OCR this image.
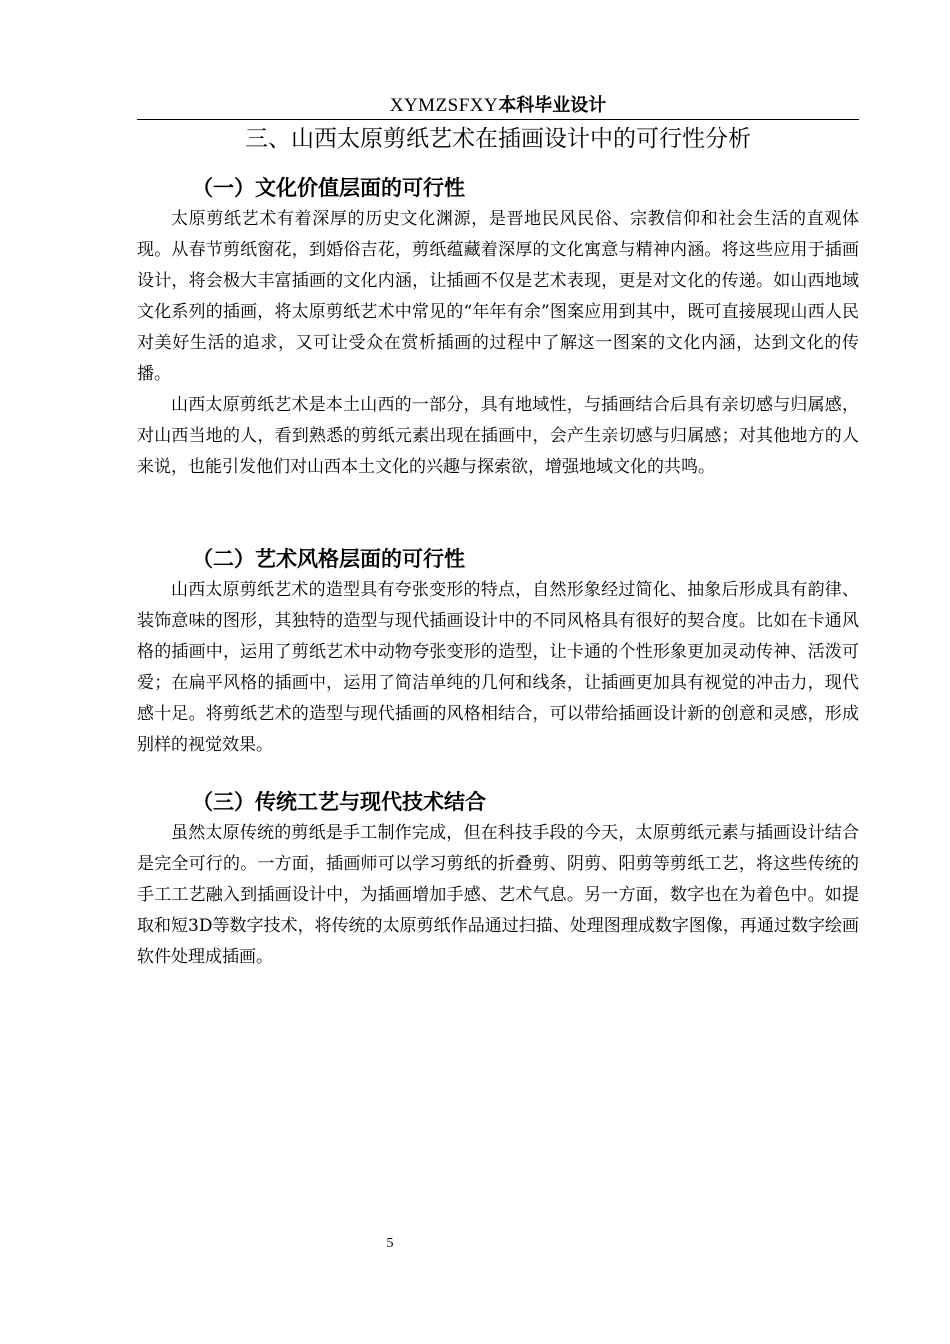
XYMZSFXY本科毕业设计
三、山西太原剪纸艺术在插画设计中的可行性分析
（一）文化价值层面的可行性

太原剪纸艺术有着深厚的历史文化渊源，是晋地民风民俗、宗教信仰和社会生活的直观体现。从春节剪纸窗花，到婚俗吉花，剪纸蕴藏着深厚的文化寓意与精神内涵。将这些应用于插画设计，将会极大丰富插画的文化内涵，让插画不仅是艺术表现，更是对文化的传递。如山西地域文化系列的插画，将太原剪纸艺术中常见的“年年有余”图案应用到其中，既可直接展现山西人民对美好生活的追求，又可让受众在赏析插画的过程中了解这一图案的文化内涵，达到文化的传播。

山西太原剪纸艺术是本土山西的一部分，具有地域性，与插画结合后具有亲切感与归属感，对山西当地的人，看到熟悉的剪纸元素出现在插画中，会产生亲切感与归属感；对其他地方的人来说，也能引发他们对山西本土文化的兴趣与探索欲，增强地域文化的共鸣。

（二）艺术风格层面的可行性

山西太原剪纸艺术的造型具有夸张变形的特点，自然形象经过简化、抽象后形成具有韵律、装饰意味的图形，其独特的造型与现代插画设计中的不同风格具有很好的契合度。比如在卡通风格的插画中，运用了剪纸艺术中动物夸张变形的造型，让卡通的个性形象更加灵动传神、活泼可爱；在扁平风格的插画中，运用了简洁单纯的几何和线条，让插画更加具有视觉的冲击力，现代感十足。将剪纸艺术的造型与现代插画的风格相结合，可以带给插画设计新的创意和灵感，形成别样的视觉效果。

（三）传统工艺与现代技术结合

虽然太原传统的剪纸是手工制作完成，但在科技手段的今天，太原剪纸元素与插画设计结合是完全可行的。一方面，插画师可以学习剪纸的折叠剪、阴剪、阳剪等剪纸工艺，将这些传统的手工工艺融入到插画设计中，为插画增加手感、艺术气息。另一方面，数字也在为着色中。如提取和短3D等数字技术，将传统的太原剪纸作品通过扫描、处理图理成数字图像，再通过数字绘画软件处理成插画。

5
